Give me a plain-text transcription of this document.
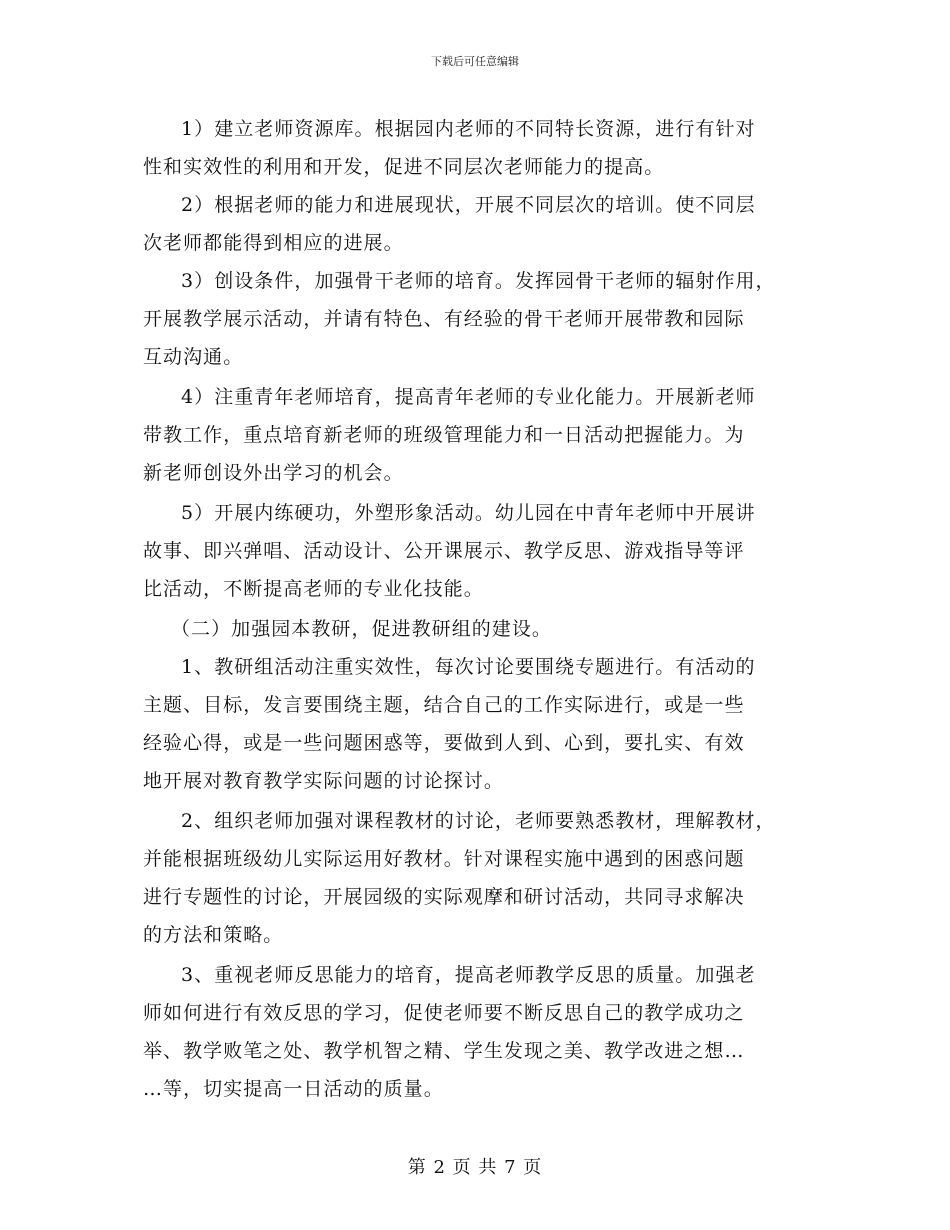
下载后可任意编辑
1）建立老师资源库。根据园内老师的不同特长资源，进行有针对
性和实效性的利用和开发，促进不同层次老师能力的提高。
2）根据老师的能力和进展现状，开展不同层次的培训。使不同层
次老师都能得到相应的进展。
3）创设条件，加强骨干老师的培育。发挥园骨干老师的辐射作用，
开展教学展示活动，并请有特色、有经验的骨干老师开展带教和园际
互动沟通。
4）注重青年老师培育，提高青年老师的专业化能力。开展新老师
带教工作，重点培育新老师的班级管理能力和一日活动把握能力。为
新老师创设外出学习的机会。
5）开展内练硬功，外塑形象活动。幼儿园在中青年老师中开展讲
故事、即兴弹唱、活动设计、公开课展示、教学反思、游戏指导等评
比活动，不断提高老师的专业化技能。
（二）加强园本教研，促进教研组的建设。
1、教研组活动注重实效性，每次讨论要围绕专题进行。有活动的
主题、目标，发言要围绕主题，结合自己的工作实际进行，或是一些
经验心得，或是一些问题困惑等，要做到人到、心到，要扎实、有效
地开展对教育教学实际问题的讨论探讨。
2、组织老师加强对课程教材的讨论，老师要熟悉教材，理解教材，
并能根据班级幼儿实际运用好教材。针对课程实施中遇到的困惑问题
进行专题性的讨论，开展园级的实际观摩和研讨活动，共同寻求解决
的方法和策略。
3、重视老师反思能力的培育，提高老师教学反思的质量。加强老
师如何进行有效反思的学习，促使老师要不断反思自己的教学成功之
举、教学败笔之处、教学机智之精、学生发现之美、教学改进之想…
…等，切实提高一日活动的质量。
第 2 页 共 7 页
